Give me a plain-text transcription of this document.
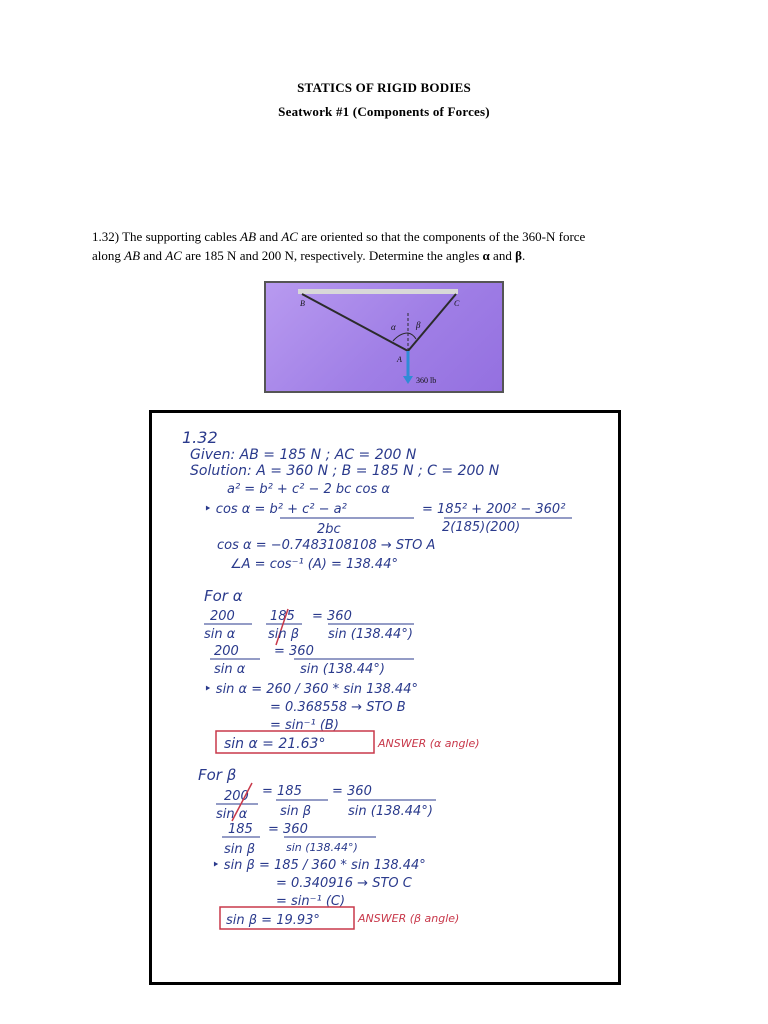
STATICS OF RIGID BODIES
Seatwork #1 (Components of Forces)
1.32) The supporting cables AB and AC are oriented so that the components of the 360-N force
along AB and AC are 185 N and 200 N, respectively. Determine the angles α and β.
B	C
A
α β
360 lb
1.32
Given: AB = 185 N ; AC = 200 N
Solution: A = 360 N ; B = 185 N ; C = 200 N
a² = b² + c² − 2 bc cos α
‣ cos α = b² + c² − a²	= 185² + 200² − 360²
2bc	2(185)(200)
cos α = −0.7483108108 → STO A
∠A = cos⁻¹ (A) = 138.44°
For α
200
sin α
185
sin β
= 360
sin (138.44°)
200
sin α
= 360
sin (138.44°)
‣ sin α = 260 / 360 * sin 138.44°
= 0.368558 → STO B
= sin⁻¹ (B)
sin α = 21.63°	ANSWER (α angle)
For β
200
sin α
= 185
sin β
= 360
sin (138.44°)
185
sin β
= 360
sin (138.44°)
‣ sin β = 185 / 360 * sin 138.44°
= 0.340916 → STO C
= sin⁻¹ (C)
sin β = 19.93°	ANSWER (β angle)
